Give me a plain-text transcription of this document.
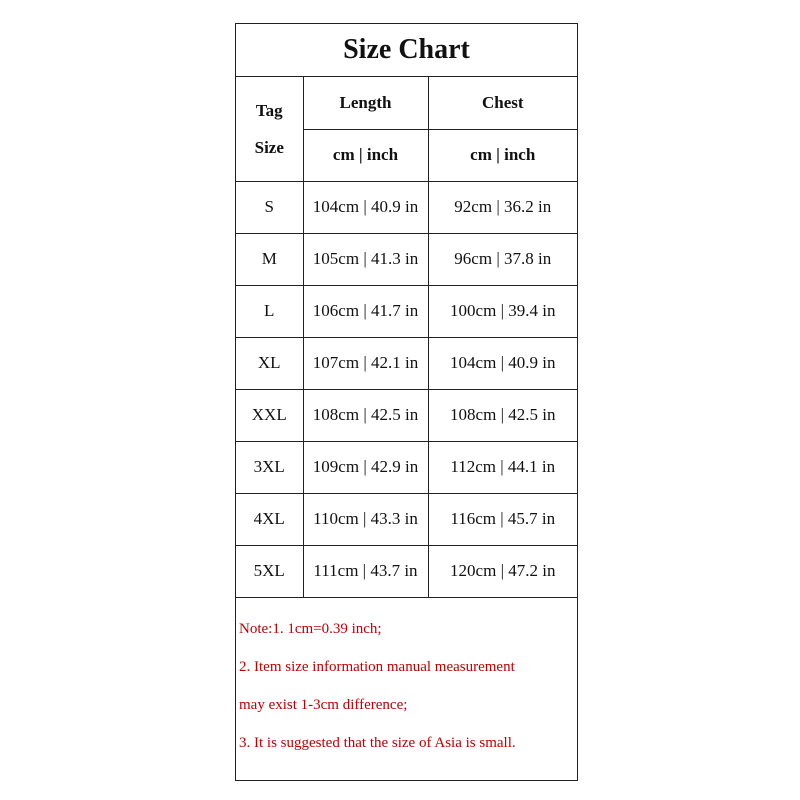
Size Chart
Tag
Size	Length	Chest
	cm | inch	cm | inch
S	104cm | 40.9 in	92cm | 36.2 in
M	105cm | 41.3 in	96cm | 37.8 in
L	106cm | 41.7 in	100cm | 39.4 in
XL	107cm | 42.1 in	104cm | 40.9 in
XXL	108cm | 42.5 in	108cm | 42.5 in
3XL	109cm | 42.9 in	112cm | 44.1 in
4XL	110cm | 43.3 in	116cm | 45.7 in
5XL	111cm | 43.7 in	120cm | 47.2 in
Note:1. 1cm=0.39 inch;
2. Item size information manual measurement
may exist 1-3cm difference;
3. It is suggested that the size of Asia is small.
